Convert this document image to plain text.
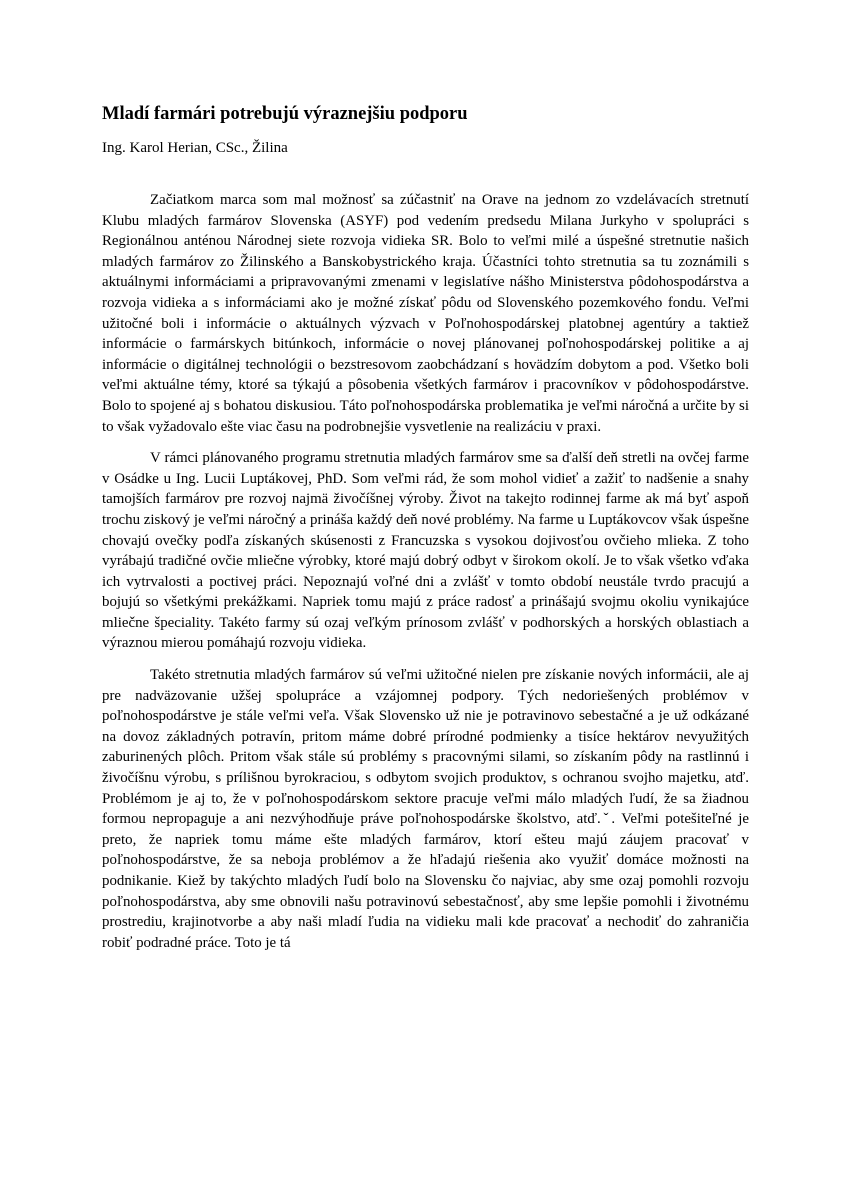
Mladí farmári potrebujú výraznejšiu podporu

Ing. Karol Herian, CSc., Žilina

Začiatkom marca som mal možnosť sa zúčastniť na Orave na jednom zo vzdelávacích stretnutí Klubu mladých farmárov Slovenska (ASYF) pod vedením predsedu Milana Jurkyho v spolupráci s Regionálnou anténou Národnej siete rozvoja vidieka SR. Bolo to veľmi milé a úspešné stretnutie našich mladých farmárov zo Žilinského a Banskobystrického kraja. Účastníci tohto stretnutia sa tu zoznámili s aktuálnymi informáciami a pripravovanými zmenami v legislatíve nášho Ministerstva pôdohospodárstva a rozvoja vidieka a s informáciami ako je možné získať pôdu od Slovenského pozemkového fondu. Veľmi užitočné boli i informácie o aktuálnych výzvach v Poľnohospodárskej platobnej agentúry a taktiež informácie o farmárskych bitúnkoch, informácie o novej plánovanej poľnohospodárskej politike a aj informácie o digitálnej technológii o bezstresovom zaobchádzaní s hovädzím dobytom a pod. Všetko boli veľmi aktuálne témy, ktoré sa týkajú a pôsobenia všetkých farmárov i pracovníkov v pôdohospodárstve. Bolo to spojené aj s bohatou diskusiou. Táto poľnohospodárska problematika je veľmi náročná a určite by si to však vyžadovalo ešte viac času na podrobnejšie vysvetlenie na realizáciu v praxi.

V rámci plánovaného programu stretnutia mladých farmárov sme sa ďalší deň stretli na ovčej farme v Osádke u Ing. Lucii Luptákovej, PhD. Som veľmi rád, že som mohol vidieť a zažiť to nadšenie a snahy tamojších farmárov pre rozvoj najmä živočíšnej výroby. Život na takejto rodinnej farme ak má byť aspoň trochu ziskový je veľmi náročný a prináša každý deň nové problémy. Na farme u Luptákovcov však úspešne chovajú ovečky podľa získaných skúsenosti z Francuzska s vysokou dojivosťou ovčieho mlieka. Z toho vyrábajú tradičné ovčie mliečne výrobky, ktoré majú dobrý odbyt v širokom okolí. Je to však všetko vďaka ich vytrvalosti a poctivej práci. Nepoznajú voľné dni a zvlášť v tomto období neustále tvrdo pracujú a bojujú so všetkými prekážkami. Napriek tomu majú z práce radosť a prinášajú svojmu okoliu vynikajúce mliečne špeciality. Takéto farmy sú ozaj veľkým prínosom zvlášť v podhorských a horských oblastiach a výraznou mierou pomáhajú rozvoju vidieka.

Takéto stretnutia mladých farmárov sú veľmi užitočné nielen pre získanie nových informácii, ale aj pre nadväzovanie užšej spolupráce a vzájomnej podpory. Tých nedoriešených problémov v poľnohospodárstve je stále veľmi veľa. Však Slovensko už nie je potravinovo sebestačné a je už odkázané na dovoz základných potravín, pritom máme dobré prírodné podmienky a tisíce hektárov nevyužitých zaburinených plôch. Pritom však stále sú problémy s pracovnými silami, so získaním pôdy na rastlinnú i živočíšnu výrobu, s prílišnou byrokraciou, s odbytom svojich produktov, s ochranou svojho majetku, atď. Problémom je aj to, že v poľnohospodárskom sektore pracuje veľmi málo mladých ľudí, že sa žiadnou formou nepropaguje a ani nezvýhodňuje práve poľnohospodárske školstvo, atď.ˇ. Veľmi potešiteľné je preto, že napriek tomu máme ešte mladých farmárov, ktorí ešteu majú záujem pracovať v poľnohospodárstve, že sa neboja problémov a že hľadajú riešenia ako využiť domáce možnosti na podnikanie. Kiež by takýchto mladých ľudí bolo na Slovensku čo najviac, aby sme ozaj pomohli rozvoju poľnohospodárstva, aby sme obnovili našu potravinovú sebestačnosť, aby sme lepšie pomohli i životnému prostrediu, krajinotvorbe a aby naši mladí ľudia na vidieku mali kde pracovať a nechodiť do zahraničia robiť podradné práce. Toto je tá
